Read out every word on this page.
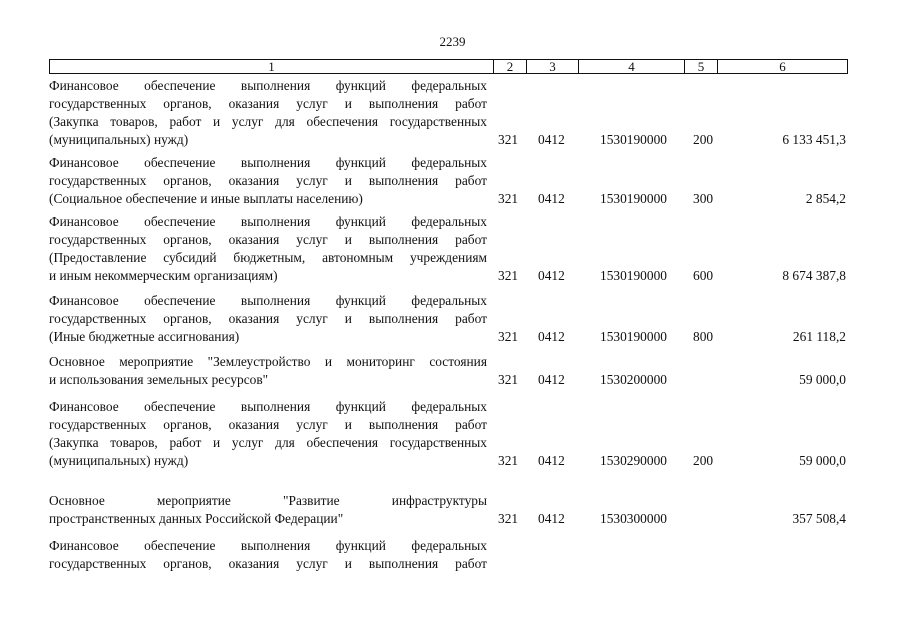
2239
1	2	3	4	5	6
Финансовое обеспечение выполнения функций федеральных
государственных органов, оказания услуг и выполнения работ
(Закупка товаров, работ и услуг для обеспечения государственных
(муниципальных) нужд)	321 0412	1530190000 200	6 133 451,3
Финансовое обеспечение выполнения функций федеральных
государственных органов, оказания услуг и выполнения работ
(Социальное обеспечение и иные выплаты населению)	321 0412	1530190000 300	2 854,2
Финансовое обеспечение выполнения функций федеральных
государственных органов, оказания услуг и выполнения работ
(Предоставление субсидий бюджетным, автономным учреждениям
и иным некоммерческим организациям)	321 0412	1530190000 600	8 674 387,8
Финансовое обеспечение выполнения функций федеральных
государственных органов, оказания услуг и выполнения работ
(Иные бюджетные ассигнования)	321 0412	1530190000 800	261 118,2
Основное мероприятие "Землеустройство и мониторинг состояния
и использования земельных ресурсов"	321 0412	1530200000	59 000,0
Финансовое обеспечение выполнения функций федеральных
государственных органов, оказания услуг и выполнения работ
(Закупка товаров, работ и услуг для обеспечения государственных
(муниципальных) нужд)	321 0412	1530290000 200	59 000,0
Основное мероприятие "Развитие инфраструктуры
пространственных данных Российской Федерации"	321 0412	1530300000	357 508,4
Финансовое обеспечение выполнения функций федеральных
государственных органов, оказания услуг и выполнения работ
